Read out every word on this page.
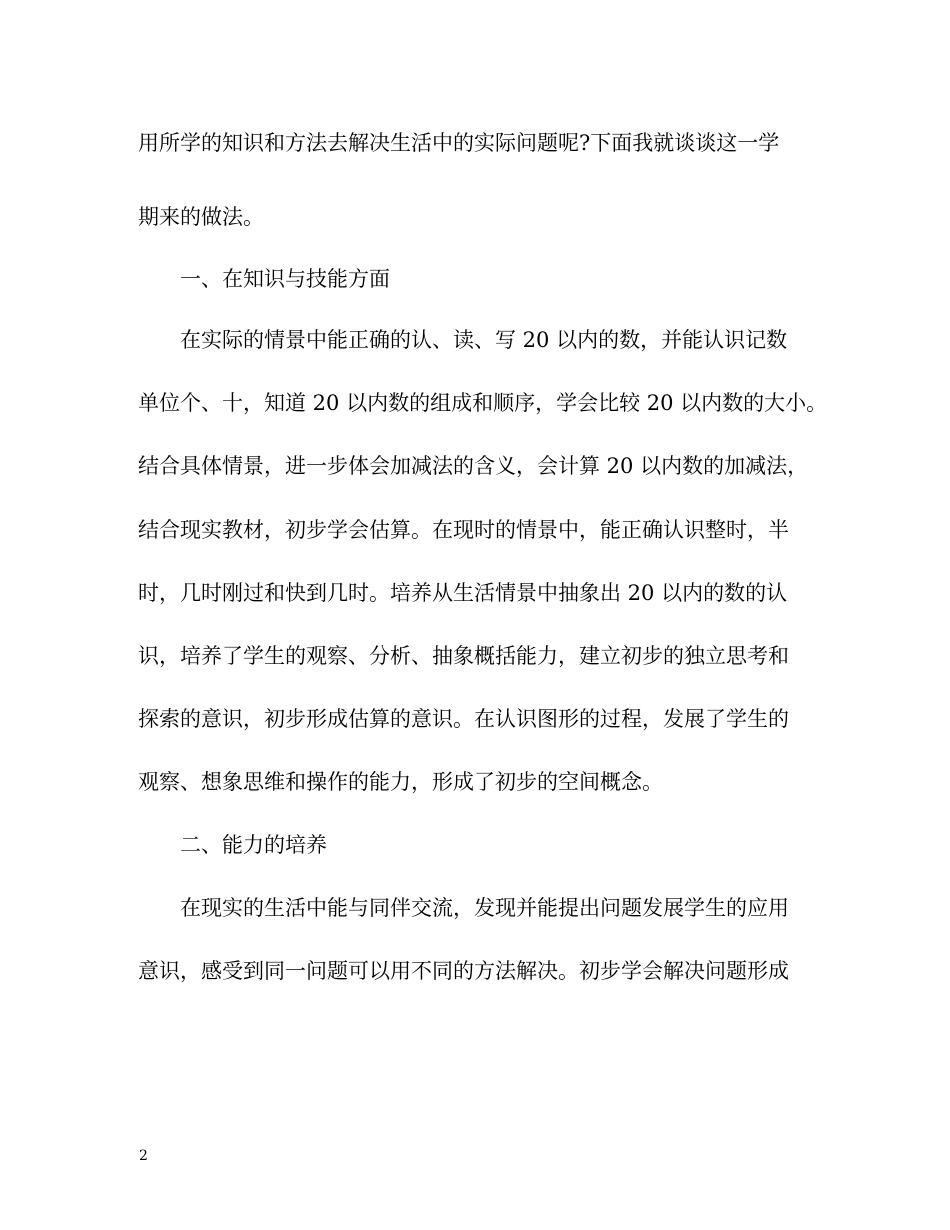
用所学的知识和方法去解决生活中的实际问题呢?下面我就谈谈这一学

期来的做法。

一、在知识与技能方面

在实际的情景中能正确的认、读、写 20 以内的数，并能认识记数

单位个、十，知道 20 以内数的组成和顺序，学会比较 20 以内数的大小。

结合具体情景，进一步体会加减法的含义，会计算 20 以内数的加减法，

结合现实教材，初步学会估算。在现时的情景中，能正确认识整时，半

时，几时刚过和快到几时。培养从生活情景中抽象出 20 以内的数的认

识，培养了学生的观察、分析、抽象概括能力，建立初步的独立思考和

探索的意识，初步形成估算的意识。在认识图形的过程，发展了学生的

观察、想象思维和操作的能力，形成了初步的空间概念。

二、能力的培养

在现实的生活中能与同伴交流，发现并能提出问题发展学生的应用

意识，感受到同一问题可以用不同的方法解决。初步学会解决问题形成

2
